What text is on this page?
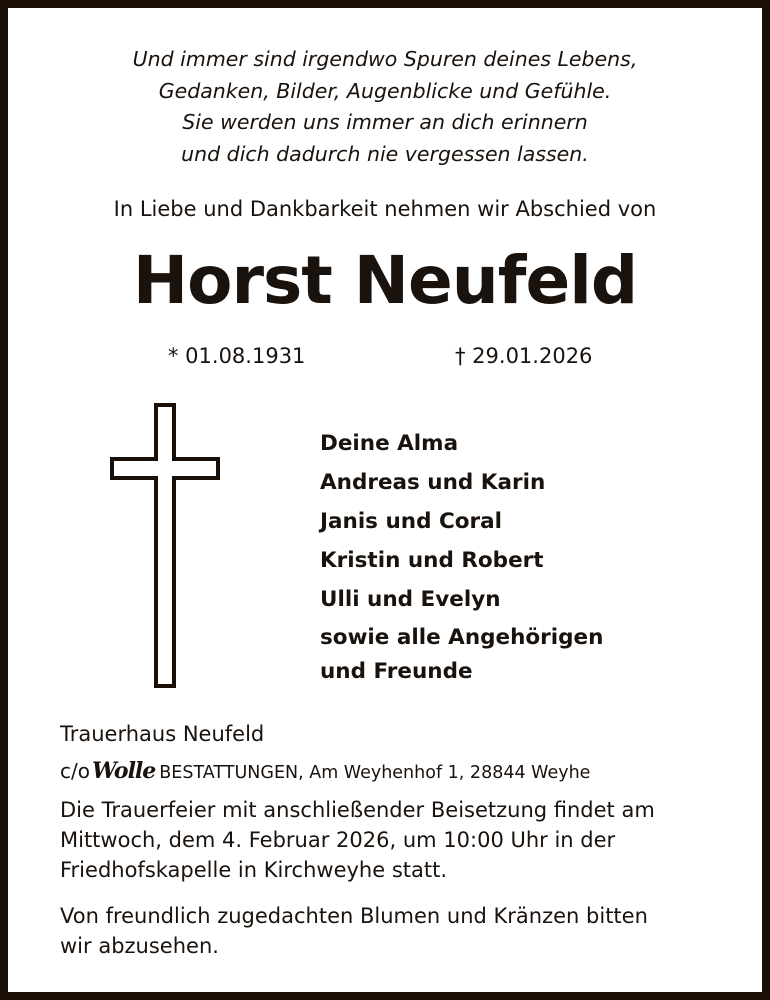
Und immer sind irgendwo Spuren deines Lebens,
Gedanken, Bilder, Augenblicke und Gefühle.
Sie werden uns immer an dich erinnern
und dich dadurch nie vergessen lassen.
In Liebe und Dankbarkeit nehmen wir Abschied von
Horst Neufeld
* 01.08.1931	† 29.01.2026
Deine Alma
Andreas und Karin
Janis und Coral
Kristin und Robert
Ulli und Evelyn
sowie alle Angehörigen
und Freunde
Trauerhaus Neufeld
c/oWolle BESTATTUNGEN, Am Weyhenhof 1, 28844 Weyhe
Die Trauerfeier mit anschließender Beisetzung findet am
Mittwoch, dem 4. Februar 2026, um 10:00 Uhr in der
Friedhofskapelle in Kirchweyhe statt.
Von freundlich zugedachten Blumen und Kränzen bitten
wir abzusehen.
